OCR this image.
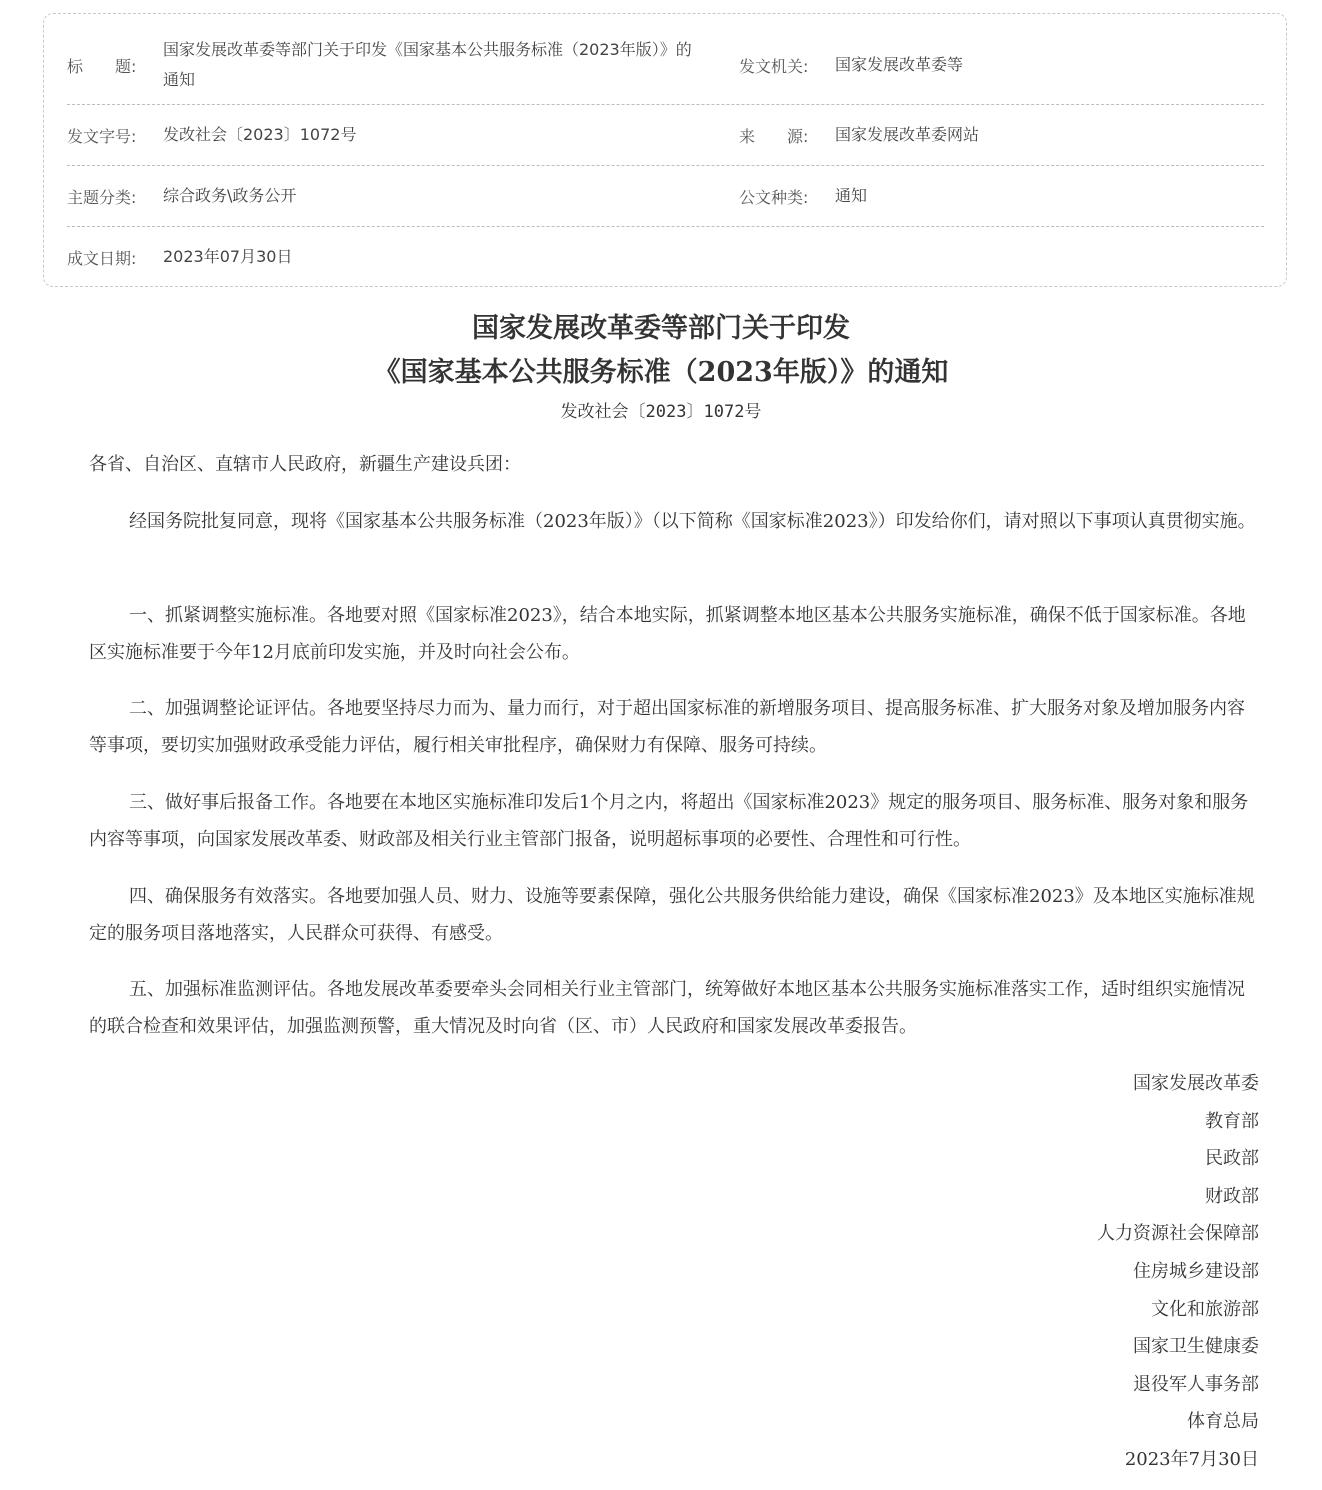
标　　题:
国家发展改革委等部门关于印发《国家基本公共服务标准（2023年版）》的通知
发文机关:	国家发展改革委等
发文字号:	发改社会〔2023〕1072号	来　　源:	国家发展改革委网站
主题分类:	综合政务\政务公开	公文种类:	通知
成文日期:	2023年07月30日
国家发展改革委等部门关于印发
《国家基本公共服务标准（2023年版）》的通知
发改社会〔2023〕1072号

各省、自治区、直辖市人民政府，新疆生产建设兵团：

经国务院批复同意，现将《国家基本公共服务标准（2023年版）》（以下简称《国家标准2023》）印发给你们，请对照以下事项认真贯彻实施。

一、抓紧调整实施标准。各地要对照《国家标准2023》，结合本地实际，抓紧调整本地区基本公共服务实施标准，确保不低于国家标准。各地区实施标准要于今年12月底前印发实施，并及时向社会公布。

二、加强调整论证评估。各地要坚持尽力而为、量力而行，对于超出国家标准的新增服务项目、提高服务标准、扩大服务对象及增加服务内容等事项，要切实加强财政承受能力评估，履行相关审批程序，确保财力有保障、服务可持续。

三、做好事后报备工作。各地要在本地区实施标准印发后1个月之内，将超出《国家标准2023》规定的服务项目、服务标准、服务对象和服务内容等事项，向国家发展改革委、财政部及相关行业主管部门报备，说明超标事项的必要性、合理性和可行性。

四、确保服务有效落实。各地要加强人员、财力、设施等要素保障，强化公共服务供给能力建设，确保《国家标准2023》及本地区实施标准规定的服务项目落地落实，人民群众可获得、有感受。

五、加强标准监测评估。各地发展改革委要牵头会同相关行业主管部门，统筹做好本地区基本公共服务实施标准落实工作，适时组织实施情况的联合检查和效果评估，加强监测预警，重大情况及时向省（区、市）人民政府和国家发展改革委报告。

国家发展改革委
教育部
民政部
财政部
人力资源社会保障部
住房城乡建设部
文化和旅游部
国家卫生健康委
退役军人事务部
体育总局
2023年7月30日
